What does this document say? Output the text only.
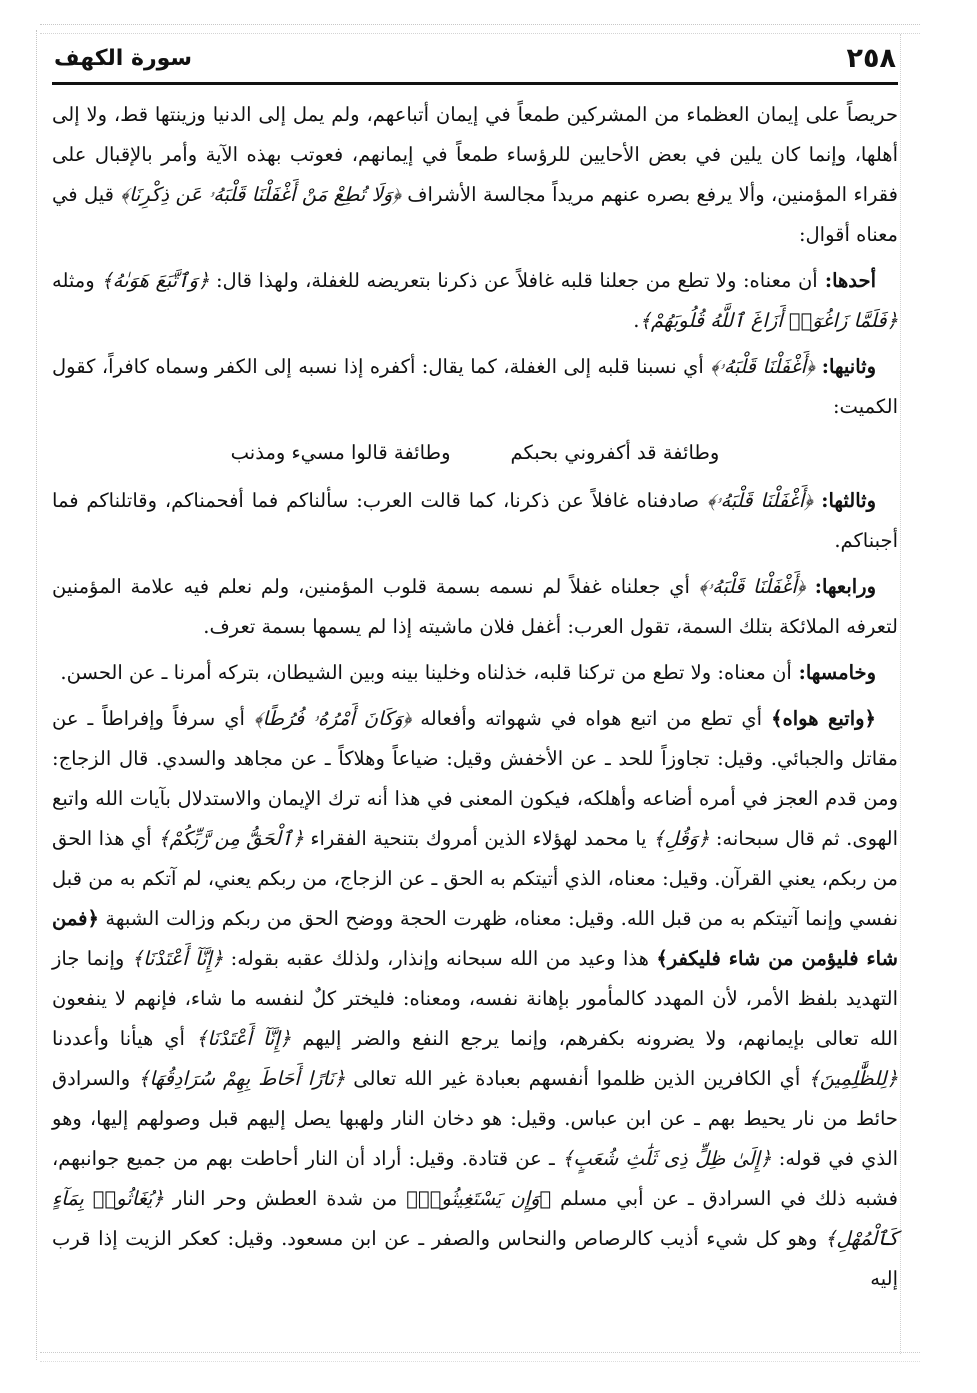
٢٥٨
سورة الكهف

حريصاً على إيمان العظماء من المشركين طمعاً في إيمان أتباعهم، ولم يمل إلى الدنيا وزينتها قط، ولا إلى أهلها، وإنما كان يلين في بعض الأحايين للرؤساء طمعاً في إيمانهم، فعوتب بهذه الآية وأمر بالإقبال على فقراء المؤمنين، وألا يرفع بصره عنهم مريداً مجالسة الأشراف ﴿وَلَا تُطِعْ مَنْ أَغْفَلْنَا قَلْبَهُۥ عَن ذِكْرِنَا﴾ قيل في معناه أقوال:

أحدها: أن معناه: ولا تطع من جعلنا قلبه غافلاً عن ذكرنا بتعريضه للغفلة، ولهذا قال: ﴿وَٱتَّبَعَ هَوَىٰهُ﴾ ومثله ﴿فَلَمَّا زَاغُوٓا۟ أَزَاغَ ٱللَّهُ قُلُوبَهُمْ﴾.

وثانيها: ﴿أَغْفَلْنَا قَلْبَهُۥ﴾ أي نسبنا قلبه إلى الغفلة، كما يقال: أكفره إذا نسبه إلى الكفر وسماه كافراً، كقول الكميت:

وطائفة قد أكفروني بحبكم
وطائفة قالوا مسيء ومذنب

وثالثها: ﴿أَغْفَلْنَا قَلْبَهُۥ﴾ صادفناه غافلاً عن ذكرنا، كما قالت العرب: سألناكم فما أفحمناكم، وقاتلناكم فما أجبناكم.

ورابعها: ﴿أَغْفَلْنَا قَلْبَهُۥ﴾ أي جعلناه غفلاً لم نسمه بسمة قلوب المؤمنين، ولم نعلم فيه علامة المؤمنين لتعرفه الملائكة بتلك السمة، تقول العرب: أغفل فلان ماشيته إذا لم يسمها بسمة تعرف.

وخامسها: أن معناه: ولا تطع من تركنا قلبه، خذلناه وخلينا بينه وبين الشيطان، بتركه أمرنا ـ عن الحسن.

﴿واتبع هواه﴾ أي تطع من اتبع هواه في شهواته وأفعاله ﴿وَكَانَ أَمْرُهُۥ فُرُطًا﴾ أي سرفاً وإفراطاً ـ عن مقاتل والجبائي. وقيل: تجاوزاً للحد ـ عن الأخفش وقيل: ضياعاً وهلاكاً ـ عن مجاهد والسدي. قال الزجاج: ومن قدم العجز في أمره أضاعه وأهلكه، فيكون المعنى في هذا أنه ترك الإيمان والاستدلال بآيات الله واتبع الهوى. ثم قال سبحانه: ﴿وَقُلِ﴾ يا محمد لهؤلاء الذين أمروك بتنحية الفقراء ﴿ٱلْحَقُّ مِن رَّبِّكُمْ﴾ أي هذا الحق من ربكم، يعني القرآن. وقيل: معناه، الذي أتيتكم به الحق ـ عن الزجاج، من ربكم يعني، لم آتكم به من قبل نفسي وإنما آتيتكم به من قبل الله. وقيل: معناه، ظهرت الحجة ووضح الحق من ربكم وزالت الشبهة ﴿فمن شاء فليؤمن من شاء فليكفر﴾ هذا وعيد من الله سبحانه وإنذار، ولذلك عقبه بقوله: ﴿إِنَّآ أَعْتَدْنَا﴾ وإنما جاز التهديد بلفظ الأمر، لأن المهدد كالمأمور بإهانة نفسه، ومعناه: فليختر كلٌ لنفسه ما شاء، فإنهم لا ينفعون الله تعالى بإيمانهم، ولا يضرونه بكفرهم، وإنما يرجع النفع والضر إليهم ﴿إِنَّآ أَعْتَدْنَا﴾ أي هيأنا وأعددنا ﴿لِلظَّٰلِمِينَ﴾ أي الكافرين الذين ظلموا أنفسهم بعبادة غير الله تعالى ﴿نَارًا أَحَاطَ بِهِمْ سُرَادِقُهَا﴾ والسرادق حائط من نار يحيط بهم ـ عن ابن عباس. وقيل: هو دخان النار ولهبها يصل إليهم قبل وصولهم إليها، وهو الذي في قوله: ﴿إِلَىٰ ظِلٍّ ذِى ثَلَٰثِ شُعَبٍ﴾ ـ عن قتادة. وقيل: أراد أن النار أحاطت بهم من جميع جوانبهم، فشبه ذلك في السرادق ـ عن أبي مسلم ﴿وَإِن يَسْتَغِيثُوا۟﴾ من شدة العطش وحر النار ﴿يُغَاثُوا۟ بِمَآءٍ كَٱلْمُهْلِ﴾ وهو كل شيء أذيب كالرصاص والنحاس والصفر ـ عن ابن مسعود. وقيل: كعكر الزيت إذا قرب إليه
